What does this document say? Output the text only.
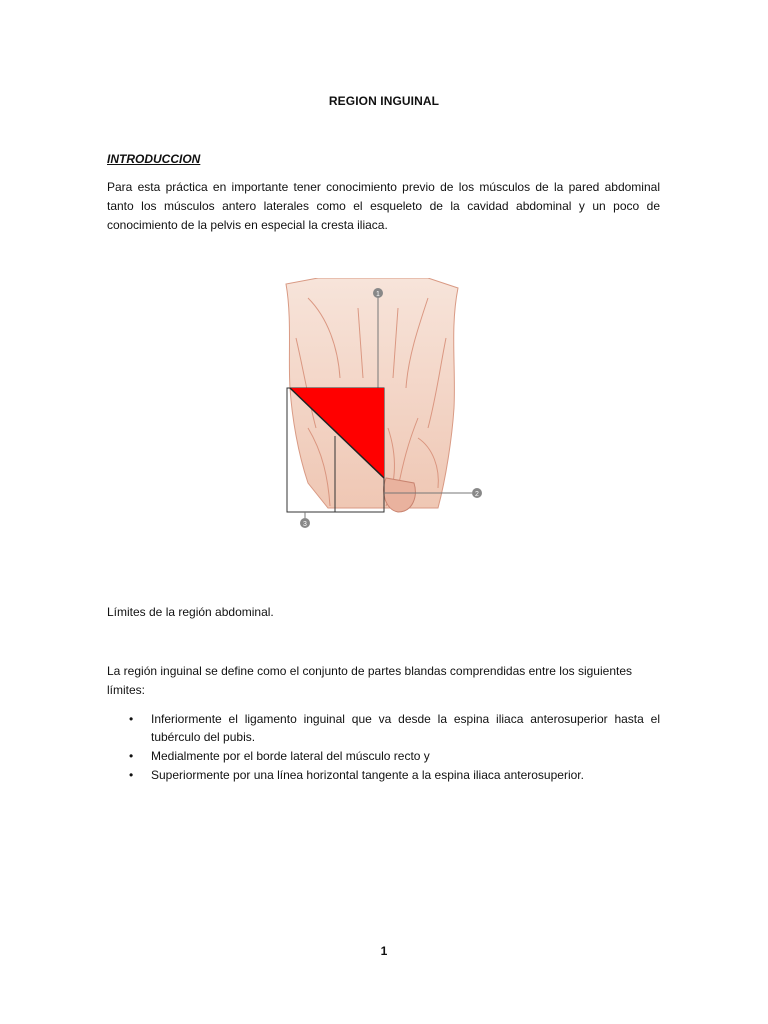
REGION INGUINAL
INTRODUCCION

Para esta práctica en importante tener conocimiento previo de los músculos de la pared abdominal tanto los músculos antero laterales como el esqueleto de la cavidad abdominal y un poco de conocimiento de la pelvis en especial la cresta iliaca.

1
2
3

Límites de la región abdominal.

La región inguinal se define como el conjunto de partes blandas comprendidas entre los siguientes límites:

• Inferiormente el ligamento inguinal que va desde la espina iliaca anterosuperior hasta el tubérculo del pubis.
• Medialmente por el borde lateral del músculo recto y
• Superiormente por una línea horizontal tangente a la espina iliaca anterosuperior.
1
